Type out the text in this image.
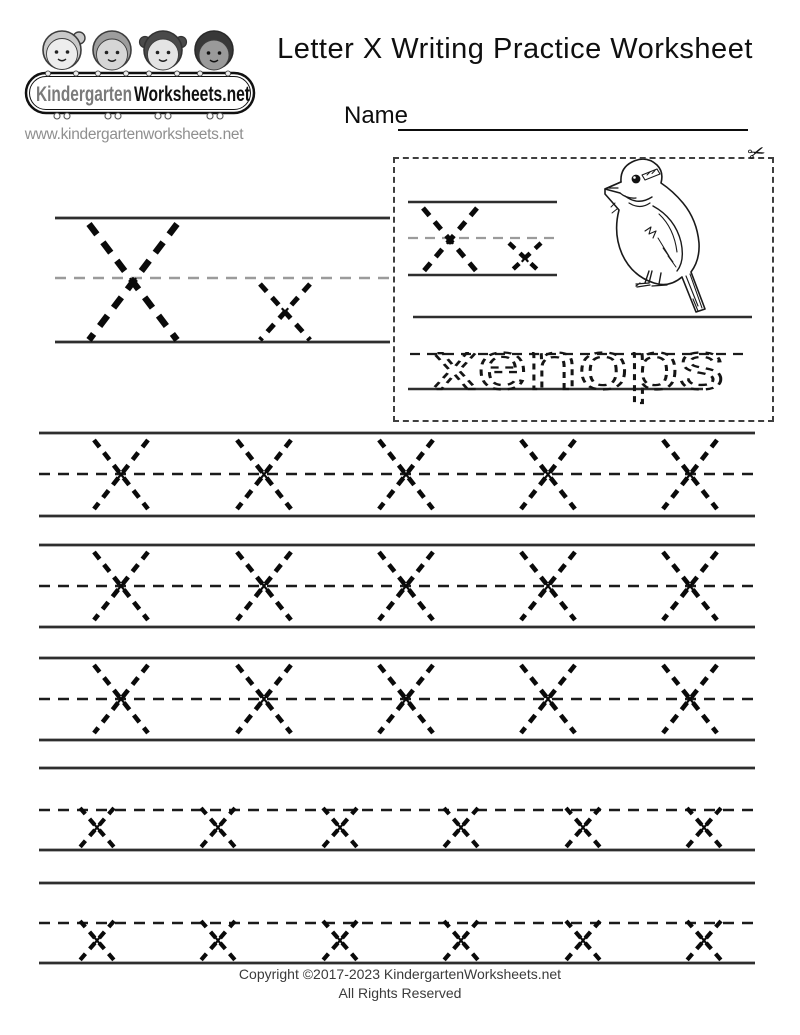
xenops
Kindergarten Worksheets.net
www.kindergartenworksheets.net
Letter X Writing Practice Worksheet
Name
✂
Copyright ©2017-2023 KindergartenWorksheets.net
All Rights Reserved
